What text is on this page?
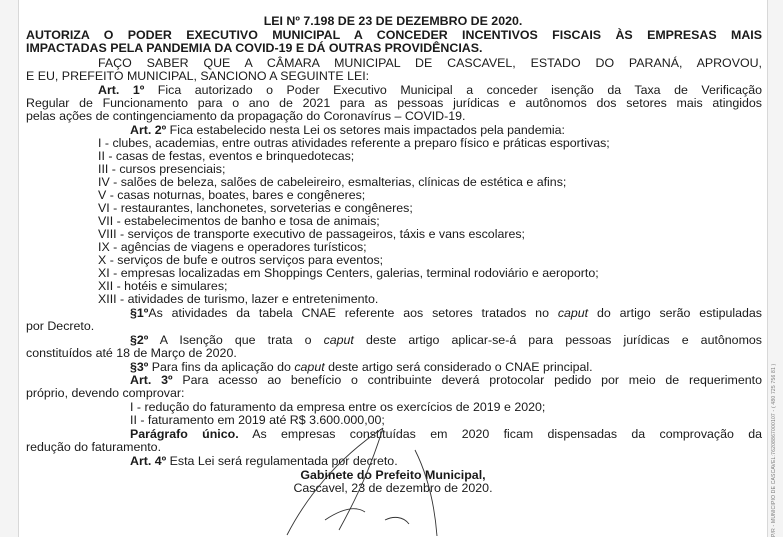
LEI Nº 7.198 DE 23 DE DEZEMBRO DE 2020.
AUTORIZA O PODER EXECUTIVO MUNICIPAL A CONCEDER INCENTIVOS FISCAIS ÀS EMPRESAS MAIS
IMPACTADAS PELA PANDEMIA DA COVID-19 E DÁ OUTRAS PROVIDÊNCIAS.
FAÇO SABER QUE A CÂMARA MUNICIPAL DE CASCAVEL, ESTADO DO PARANÁ, APROVOU,
E EU, PREFEITO MUNICIPAL, SANCIONO A SEGUINTE LEI:
Art. 1º Fica autorizado o Poder Executivo Municipal a conceder isenção da Taxa de Verificação
Regular de Funcionamento para o ano de 2021 para as pessoas jurídicas e autônomos dos setores mais atingidos
pelas ações de contingenciamento da propagação do Coronavírus – COVID-19.
Art. 2º Fica estabelecido nesta Lei os setores mais impactados pela pandemia:
I - clubes, academias, entre outras atividades referente a preparo físico e práticas esportivas;
II - casas de festas, eventos e brinquedotecas;
III - cursos presenciais;
IV - salões de beleza, salões de cabeleireiro, esmalterias, clínicas de estética e afins;
V - casas noturnas, boates, bares e congêneres;
VI - restaurantes, lanchonetes, sorveterias e congêneres;
VII - estabelecimentos de banho e tosa de animais;
VIII - serviços de transporte executivo de passageiros, táxis e vans escolares;
IX - agências de viagens e operadores turísticos;
X - serviços de bufe e outros serviços para eventos;
XI - empresas localizadas em Shoppings Centers, galerias, terminal rodoviário e aeroporto;
XII - hotéis e simulares;
XIII - atividades de turismo, lazer e entretenimento.
§1ºAs atividades da tabela CNAE referente aos setores tratados no caput do artigo serão estipuladas
por Decreto.
§2º A Isenção que trata o caput deste artigo aplicar-se-á para pessoas jurídicas e autônomos
constituídos até 18 de Março de 2020.
§3º Para fins da aplicação do caput deste artigo será considerado o CNAE principal.
Art. 3º Para acesso ao benefício o contribuinte deverá protocolar pedido por meio de requerimento
próprio, devendo comprovar:
I - redução do faturamento da empresa entre os exercícios de 2019 e 2020;
II - faturamento em 2019 até R$ 3.600.000,00;
Parágrafo único. As empresas constituídas em 2020 ficam dispensadas da comprovação da
redução do faturamento.
Art. 4º Esta Lei será regulamentada por decreto.
Gabinete do Prefeito Municipal,
Cascavel, 23 de dezembro de 2020.	P/R - MUNICIPIO DE CASCAVEL:76208867000107 - ( 480 725 756 81 )
